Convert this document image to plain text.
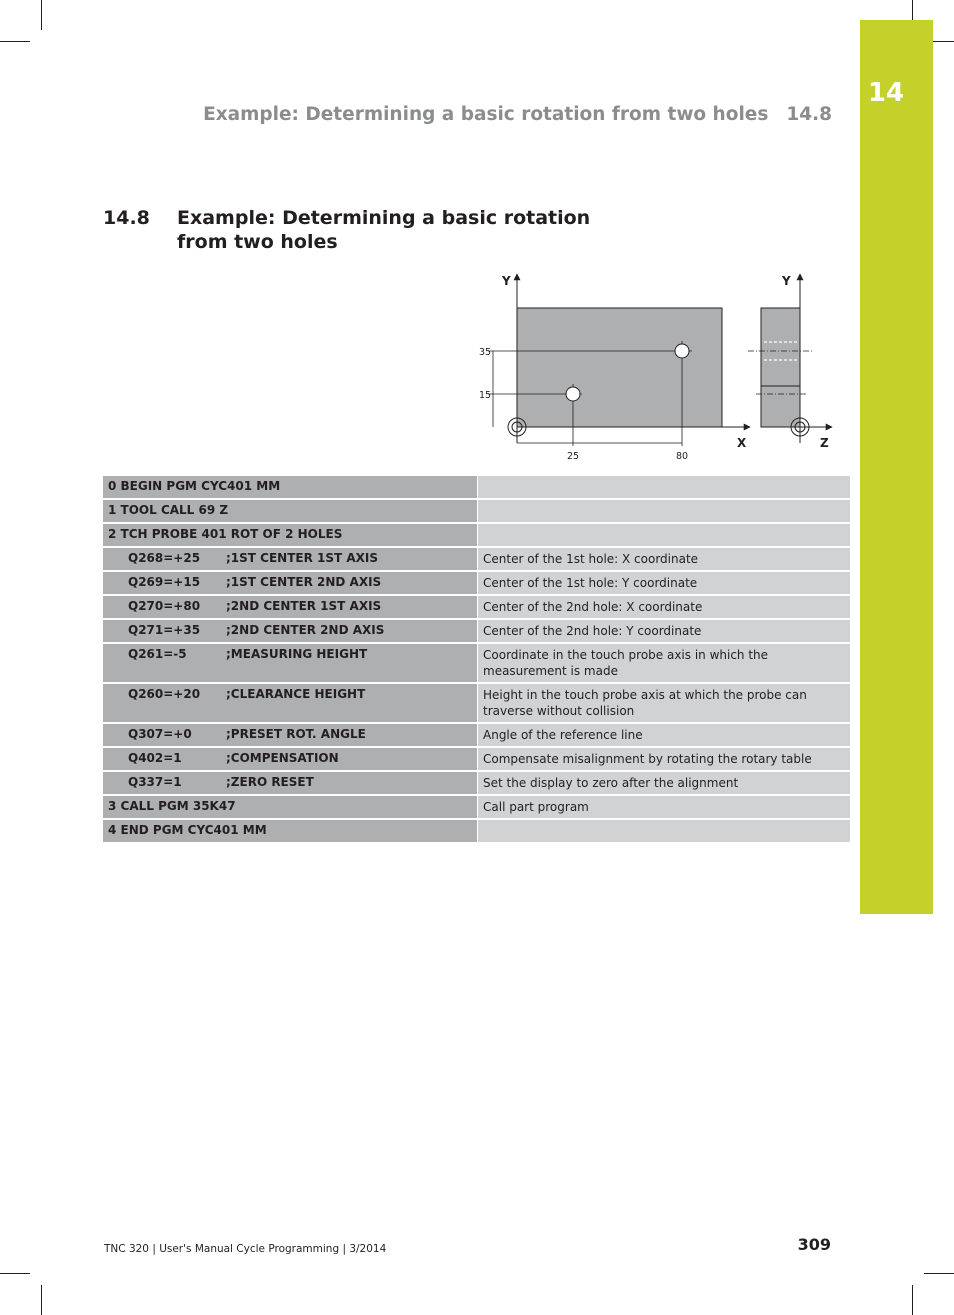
14
Example: Determining a basic rotation from two holes 14.8
14.8 Example: Determining a basic rotation from two holes
Y
X
35
15
25	80
Y
Z
0 BEGIN PGM CYC401 MM
1 TOOL CALL 69 Z
2 TCH PROBE 401 ROT OF 2 HOLES
Q268=+25	;1ST CENTER 1ST AXIS	Center of the 1st hole: X coordinate
Q269=+15	;1ST CENTER 2ND AXIS	Center of the 1st hole: Y coordinate
Q270=+80	;2ND CENTER 1ST AXIS	Center of the 2nd hole: X coordinate
Q271=+35	;2ND CENTER 2ND AXIS	Center of the 2nd hole: Y coordinate
Q261=-5	;MEASURING HEIGHT	Coordinate in the touch probe axis in which the measurement is made
Q260=+20	;CLEARANCE HEIGHT	Height in the touch probe axis at which the probe can traverse without collision
Q307=+0	;PRESET ROT. ANGLE	Angle of the reference line
Q402=1	;COMPENSATION	Compensate misalignment by rotating the rotary table
Q337=1	;ZERO RESET	Set the display to zero after the alignment
3 CALL PGM 35K47	Call part program
4 END PGM CYC401 MM
TNC 320 | User's Manual Cycle Programming | 3/2014	309
